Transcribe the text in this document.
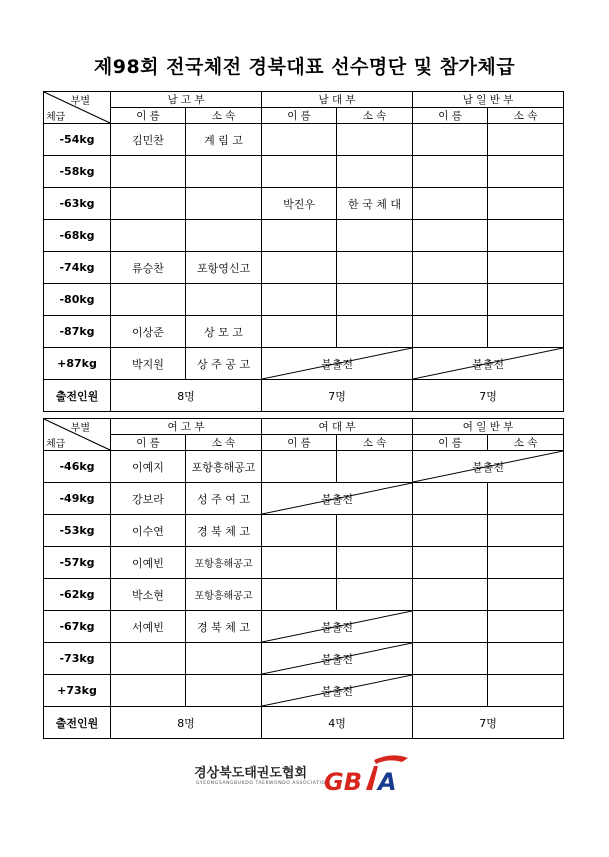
제98회 전국체전 경북대표 선수명단 및 참가체급
부별
체급	남 고 부		남 대 부		남 일 반 부	
	이 름	소 속	이 름	소 속	이 름	소 속
-54kg	김민찬	계 림 고				
-58kg						
-63kg			박진우	한 국 체 대		
-68kg						
-74kg	류승찬	포항영신고				
-80kg						
-87kg	이상준	상 모 고				
+87kg	박지원	상 주 공 고	불출전		불출전	
출전인원	8명		7명		7명	
부별
체급	여 고 부		여 대 부		여 일 반 부	
	이 름	소 속	이 름	소 속	이 름	소 속
-46kg	이예지	포항흥해공고			불출전	
-49kg	강보라	성 주 여 고	불출전			
-53kg	이수연	경 북 체 고				
-57kg	이예빈	포항흥해공고				
-62kg	박소현	포항흥해공고				
-67kg	서예빈	경 북 체 고	불출전			
-73kg			불출전			
+73kg			불출전			
출전인원	8명		4명		7명	
경상북도태권도협회
GYEONGSANGBUKDO TAEKWONDO ASSOCIATION
GB A
